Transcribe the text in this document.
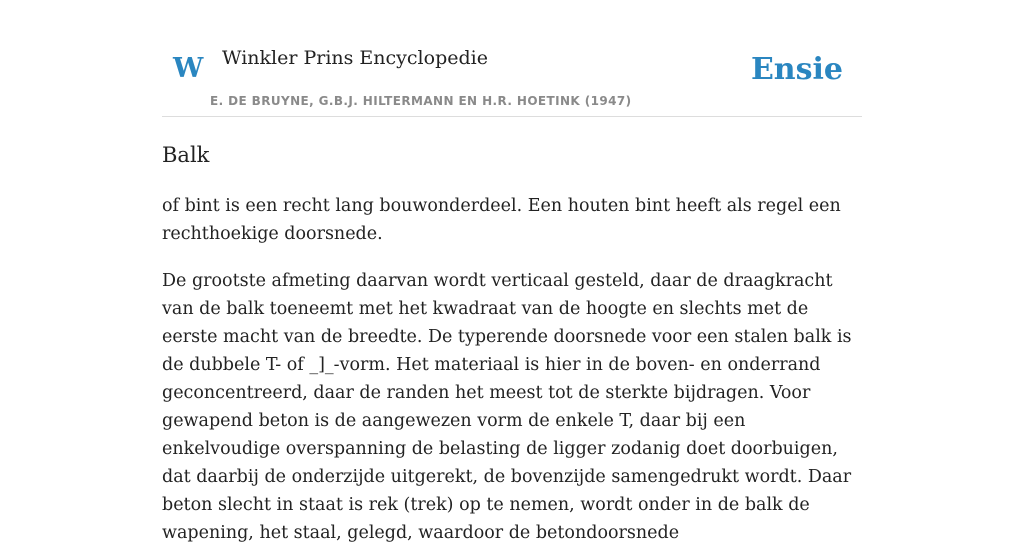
W Winkler Prins Encyclopedie
E. DE BRUYNE, G.B.J. HILTERMANN EN H.R. HOETINK (1947)
Ensie
Balk

of bint is een recht lang bouwonderdeel. Een houten bint heeft als regel een rechthoekige doorsnede.

De grootste afmeting daarvan wordt verticaal gesteld, daar de draagkracht van de balk toeneemt met het kwadraat van de hoogte en slechts met de eerste macht van de breedte. De typerende doorsnede voor een stalen balk is de dubbele T- of _]_-vorm. Het materiaal is hier in de boven- en onderrand geconcentreerd, daar de randen het meest tot de sterkte bijdragen. Voor gewapend beton is de aangewezen vorm de enkele T, daar bij een enkelvoudige overspanning de belasting de ligger zodanig doet doorbuigen, dat daarbij de onderzijde uitgerekt, de bovenzijde samengedrukt wordt. Daar beton slecht in staat is rek (trek) op te nemen, wordt onder in de balk de wapening, het staal, gelegd, waardoor de betondoorsnede
